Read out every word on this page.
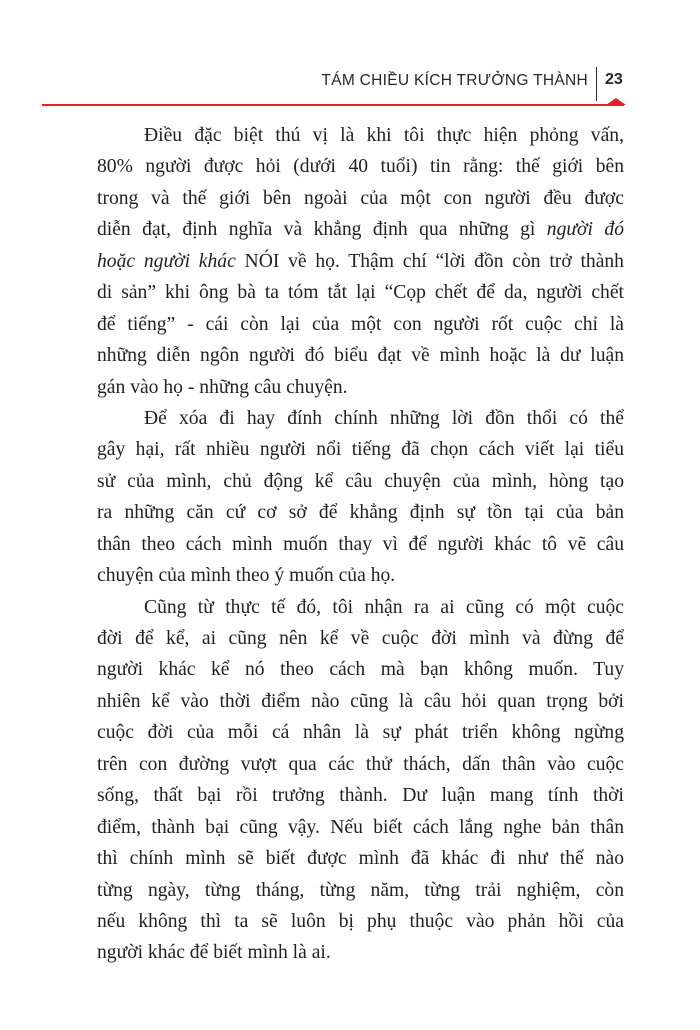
TÁM CHIỀU KÍCH TRƯỞNG THÀNH 23

Điều đặc biệt thú vị là khi tôi thực hiện phỏng vấn,
80% người được hỏi (dưới 40 tuổi) tin rằng: thế giới bên
trong và thế giới bên ngoài của một con người đều được
diễn đạt, định nghĩa và khẳng định qua những gì người đó
hoặc người khác NÓI về họ. Thậm chí “lời đồn còn trở thành
di sản” khi ông bà ta tóm tắt lại “Cọp chết để da, người chết
để tiếng” - cái còn lại của một con người rốt cuộc chỉ là
những diễn ngôn người đó biểu đạt về mình hoặc là dư luận
gán vào họ - những câu chuyện.

Để xóa đi hay đính chính những lời đồn thổi có thể
gây hại, rất nhiều người nổi tiếng đã chọn cách viết lại tiểu
sử của mình, chủ động kể câu chuyện của mình, hòng tạo
ra những căn cứ cơ sở để khẳng định sự tồn tại của bản
thân theo cách mình muốn thay vì để người khác tô vẽ câu
chuyện của mình theo ý muốn của họ.

Cũng từ thực tế đó, tôi nhận ra ai cũng có một cuộc
đời để kể, ai cũng nên kể về cuộc đời mình và đừng để
người khác kể nó theo cách mà bạn không muốn. Tuy
nhiên kể vào thời điểm nào cũng là câu hỏi quan trọng bởi
cuộc đời của mỗi cá nhân là sự phát triển không ngừng
trên con đường vượt qua các thử thách, dấn thân vào cuộc
sống, thất bại rồi trưởng thành. Dư luận mang tính thời
điểm, thành bại cũng vậy. Nếu biết cách lắng nghe bản thân
thì chính mình sẽ biết được mình đã khác đi như thế nào
từng ngày, từng tháng, từng năm, từng trải nghiệm, còn
nếu không thì ta sẽ luôn bị phụ thuộc vào phản hồi của
người khác để biết mình là ai.
